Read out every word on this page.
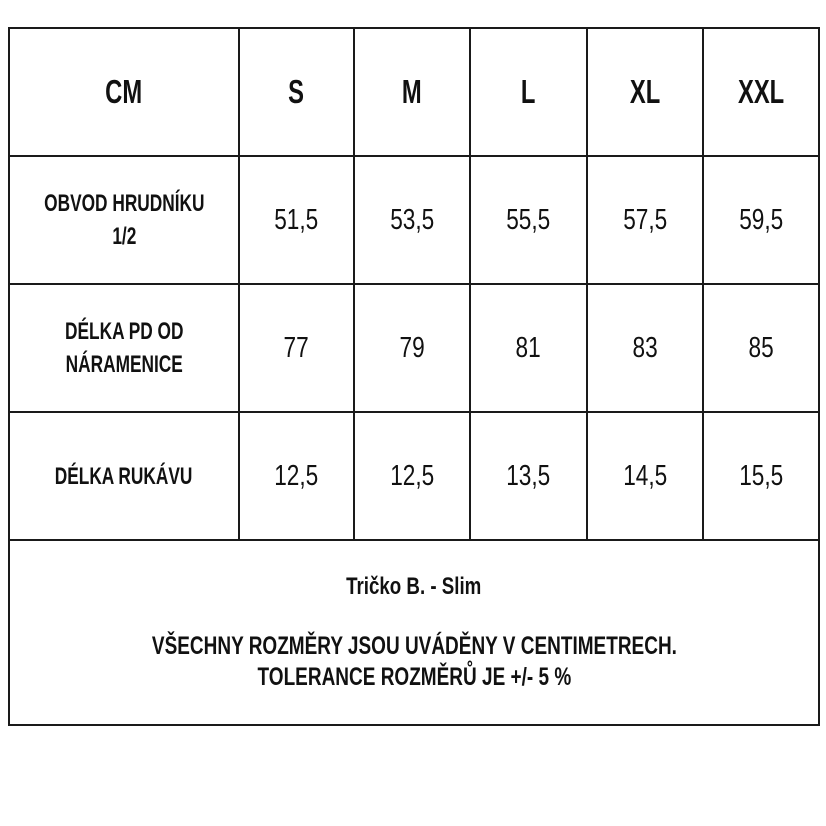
CM	S	M	L	XL	XXL
OBVOD HRUDNÍKU
1/2	51,5	53,5	55,5	57,5	59,5
DÉLKA PD OD
NÁRAMENICE	77	79	81	83	85
DÉLKA RUKÁVU	12,5	12,5	13,5	14,5	15,5

Tričko B. - Slim
VŠECHNY ROZMĚRY JSOU UVÁDĚNY V CENTIMETRECH.
TOLERANCE ROZMĚRŮ JE +/- 5 %					
